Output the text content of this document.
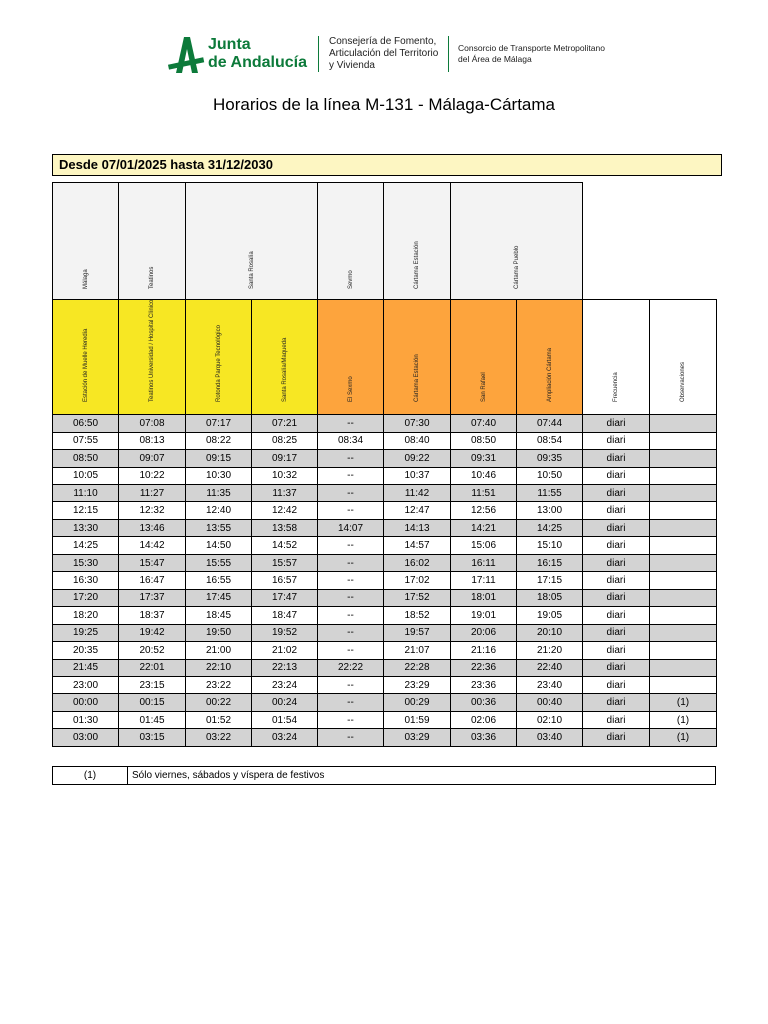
Junta
de Andalucía
Consejería de Fomento,
Articulación del Territorio
y Vivienda
Consorcio de Transporte Metropolitano
del Área de Málaga
Horarios de la línea M-131 - Málaga-Cártama
Desde 07/01/2025 hasta 31/12/2030
Málaga	Teatinos	Santa Rosalía		Sevmo	Cártama Estación	Cártama Pueblo			

Estación de Muelle Heredia	Teatinos Universidad / Hospital Clínico	Rotonda Parque Tecnológico	Santa Rosalía/Maqueda	El Sexmo	Cártama Estación	San Rafael	Ampliación Cártama	Frecuencia	Observaciones

06:50	07:08	07:17	07:21	--	07:30	07:40	07:44	diari	
07:55	08:13	08:22	08:25	08:34	08:40	08:50	08:54	diari	
08:50	09:07	09:15	09:17	--	09:22	09:31	09:35	diari	
10:05	10:22	10:30	10:32	--	10:37	10:46	10:50	diari	
11:10	11:27	11:35	11:37	--	11:42	11:51	11:55	diari	
12:15	12:32	12:40	12:42	--	12:47	12:56	13:00	diari	
13:30	13:46	13:55	13:58	14:07	14:13	14:21	14:25	diari	
14:25	14:42	14:50	14:52	--	14:57	15:06	15:10	diari	
15:30	15:47	15:55	15:57	--	16:02	16:11	16:15	diari	
16:30	16:47	16:55	16:57	--	17:02	17:11	17:15	diari	
17:20	17:37	17:45	17:47	--	17:52	18:01	18:05	diari	
18:20	18:37	18:45	18:47	--	18:52	19:01	19:05	diari	
19:25	19:42	19:50	19:52	--	19:57	20:06	20:10	diari	
20:35	20:52	21:00	21:02	--	21:07	21:16	21:20	diari	
21:45	22:01	22:10	22:13	22:22	22:28	22:36	22:40	diari	
23:00	23:15	23:22	23:24	--	23:29	23:36	23:40	diari	
00:00	00:15	00:22	00:24	--	00:29	00:36	00:40	diari	(1)
01:30	01:45	01:52	01:54	--	01:59	02:06	02:10	diari	(1)
03:00	03:15	03:22	03:24	--	03:29	03:36	03:40	diari	(1)
(1)	Sólo viernes, sábados y víspera de festivos
